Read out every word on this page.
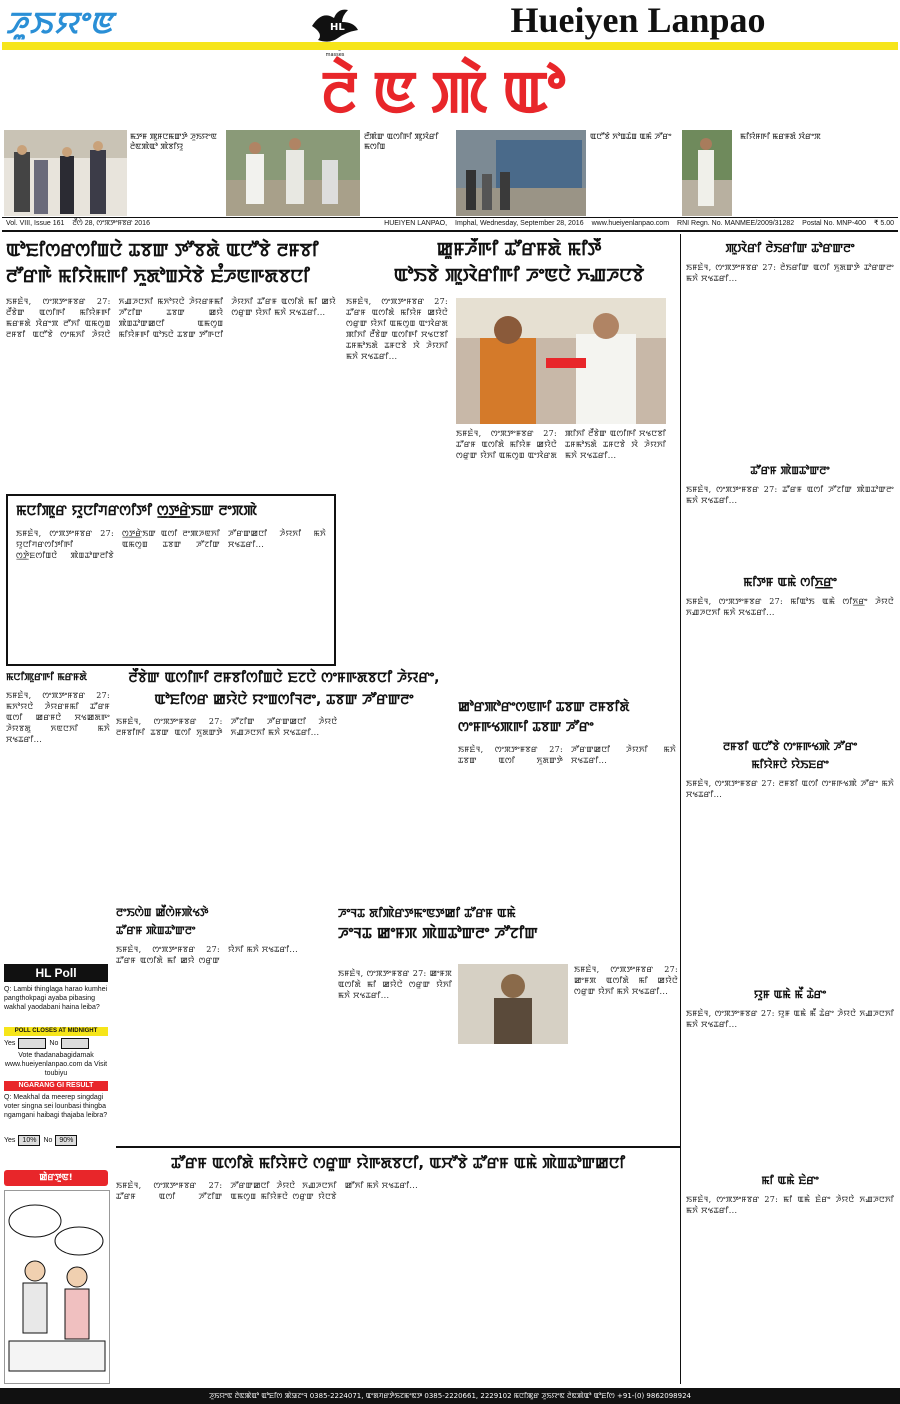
ꯍꯨꯏꯌꯦꯟ	HL
masses
Hueiyen Lanpao
ꯂꯥꯟꯄꯥꯑꯣ
ꯃꯇꯝ ꯄꯨꯝꯅꯃꯛꯇꯥ ꯍꯨꯏꯌꯦꯟ ꯂꯥꯟꯄꯥꯑꯣ ꯄꯥꯕꯤꯌꯨ
ꯂꯩꯄꯥꯛ ꯑꯁꯤꯒꯤ ꯄꯨꯋꯥꯔꯤ ꯃꯁꯤꯡ
ꯑꯅꯧꯕꯥ ꯈꯣꯡꯊꯥꯡ ꯑꯃꯥ ꯍꯧꯔꯦ	ꯃꯤꯌꯥꯝꯒꯤ ꯃꯔꯝꯗꯥ ꯋꯥꯔꯦꯞ
Vol. VIII, Issue 161	ꯂꯩꯁꯥ 28, ꯁꯦꯞꯇꯦꯝꯕꯔ 2016	HUEIYEN LANPAO,	Imphal, Wednesday, September 28, 2016	www.hueiyenlanpao.com	RNI Regn. No. MANMEE/2009/31282	Postal No. MNP-400	₹ 5.00
ꯑꯣꯐꯤꯁꯔꯁꯤꯡꯅꯥ ꯊꯕꯛ ꯇꯧꯕꯗꯥ ꯑꯅꯧꯕꯥ ꯂꯝꯕꯤ ꯂꯧꯔꯒꯥ ꯃꯤꯌꯥꯃꯒꯤ ꯈꯨꯗꯣꯡꯆꯥꯕꯥ ꯐꯪꯍꯟꯒꯗꯕꯅꯤ
ꯏꯝꯐꯥꯜ, ꯁꯦꯞꯇꯦꯝꯕꯔ 27: ꯂꯩꯕꯥꯛ ꯑꯁꯤꯒꯤ ꯃꯤꯌꯥꯝꯒꯤ ꯃꯔꯝꯗꯥ ꯋꯥꯔꯦꯞ ꯂꯧꯈꯤ ꯑꯃꯁꯨꯡ ꯂꯝꯕꯤ ꯑꯅꯧꯕꯥ ꯁꯦꯃꯈꯤ ꯍꯥꯌꯅꯥ ꯈꯉꯍꯅꯈꯤ ꯃꯈꯣꯌꯅꯥ ꯍꯥꯌꯔꯝꯃꯤ ꯍꯧꯖꯤꯛ ꯊꯕꯛ ꯀꯌꯥ ꯄꯥꯡꯊꯣꯛꯀꯅꯤ ꯑꯃꯁꯨꯡ ꯃꯤꯌꯥꯝꯒꯤ ꯑꯣꯏꯅꯥ ꯊꯕꯛ ꯇꯧꯒꯅꯤ ꯍꯥꯌꯈꯤ ꯊꯧꯔꯝ ꯑꯁꯤꯗꯥ ꯃꯤ ꯀꯌꯥ ꯁꯔꯨꯛ ꯌꯥꯈꯤ ꯃꯈꯥ ꯆꯠꯊꯔꯤ...
ꯃꯅꯤꯄꯨꯔ ꯌꯨꯅꯤꯚꯔꯁꯤꯇꯤ ꯁ꯭ꯇ꯭ꯔꯥꯏꯛ ꯂꯦꯞꯄꯥ
ꯏꯝꯐꯥꯜ, ꯁꯦꯞꯇꯦꯝꯕꯔ 27: ꯌꯨꯅꯤꯚꯔꯁꯤꯇꯤꯒꯤ ꯁ꯭ꯇꯥꯐꯁꯤꯡꯅꯥ ꯄꯥꯡꯊꯣꯛꯂꯤꯕꯥ ꯁ꯭ꯇ꯭ꯔꯥꯏꯛ ꯑꯁꯤ ꯂꯦꯄꯍꯟꯈꯤ ꯑꯃꯁꯨꯡ ꯊꯕꯛ ꯍꯧꯖꯤꯛ ꯍꯧꯔꯛꯀꯅꯤ ꯍꯥꯌꯈꯤ ꯃꯈꯥ ꯆꯠꯊꯔꯤ...
ꯀꯨꯝꯍꯩꯒꯤ ꯊꯧꯔꯝꯗꯥ ꯃꯤꯇꯩ
ꯑꯣꯏꯕꯥ ꯄꯨꯋꯥꯔꯤꯒꯤ ꯍꯦꯟꯅꯥ ꯈꯉꯍꯅꯕꯥ
ꯏꯝꯐꯥꯜ, ꯁꯦꯞꯇꯦꯝꯕꯔ 27: ꯊꯧꯔꯝ ꯑꯁꯤꯗꯥ ꯃꯤꯌꯥꯝ ꯀꯌꯥꯅꯥ ꯁꯔꯨꯛ ꯌꯥꯈꯤ ꯑꯃꯁꯨꯡ ꯑꯦꯋꯥꯔꯗ ꯄꯤꯈꯤ ꯂꯩꯕꯥꯛ ꯑꯁꯤꯒꯤ ꯆꯠꯅꯕꯤ ꯊꯝꯃꯣꯏꯗꯥ ꯊꯝꯅꯕꯥ ꯋꯥ ꯍꯥꯌꯈꯤ ꯃꯈꯥ ꯆꯠꯊꯔꯤ...
ꯏꯝꯐꯥꯜ, ꯁꯦꯞꯇꯦꯝꯕꯔ 27: ꯊꯧꯔꯝ ꯑꯁꯤꯗꯥ ꯃꯤꯌꯥꯝ ꯀꯌꯥꯅꯥ ꯁꯔꯨꯛ ꯌꯥꯈꯤ ꯑꯃꯁꯨꯡ ꯑꯦꯋꯥꯔꯗ ꯄꯤꯈꯤ ꯂꯩꯕꯥꯛ ꯑꯁꯤꯒꯤ ꯆꯠꯅꯕꯤ ꯊꯝꯃꯣꯏꯗꯥ ꯊꯝꯅꯕꯥ ꯋꯥ ꯍꯥꯌꯈꯤ ꯃꯈꯥ ꯆꯠꯊꯔꯤ...
ꯃꯅꯤꯄꯨꯔꯒꯤ ꯃꯔꯝꯗꯥ
ꯏꯝꯐꯥꯜ, ꯁꯦꯞꯇꯦꯝꯕꯔ 27: ꯃꯈꯣꯌꯅꯥ ꯍꯥꯌꯔꯝꯃꯤ ꯊꯧꯔꯝ ꯑꯁꯤ ꯀꯔꯝꯅꯥ ꯆꯠꯀꯗꯒꯦ ꯍꯥꯌꯕꯗꯨ ꯈꯟꯅꯈꯤ ꯃꯈꯥ ꯆꯠꯊꯔꯤ...
ꯂꯩꯕꯥꯛ ꯑꯁꯤꯒꯤ ꯂꯝꯕꯤꯁꯤꯡꯅꯥ ꯐꯖꯅꯥ ꯁꯦꯝꯒꯗꯕꯅꯤ ꯍꯥꯌꯔꯦ,
ꯑꯣꯐꯤꯁꯔ ꯀꯌꯥꯅꯥ ꯌꯦꯡꯁꯤꯜꯂꯦ, ꯊꯕꯛ ꯍꯧꯔꯛꯂꯦ
ꯏꯝꯐꯥꯜ, ꯁꯦꯞꯇꯦꯝꯕꯔ 27: ꯂꯝꯕꯤꯒꯤ ꯊꯕꯛ ꯑꯁꯤ ꯈꯨꯗꯛꯇꯥ ꯍꯧꯖꯤꯛ ꯍꯧꯔꯛꯀꯅꯤ ꯍꯥꯌꯅꯥ ꯈꯉꯍꯅꯈꯤ ꯃꯈꯥ ꯆꯠꯊꯔꯤ...
ꯀꯣꯔꯄꯣꯔꯦꯁꯟꯒꯤ ꯊꯕꯛ ꯂꯝꯕꯤꯗꯥ
ꯁꯦꯝꯒꯠꯄꯒꯤ ꯊꯕꯛ ꯍꯧꯔꯦ
ꯏꯝꯐꯥꯜ, ꯁꯦꯞꯇꯦꯝꯕꯔ 27: ꯊꯕꯛ ꯑꯁꯤ ꯈꯨꯗꯛꯇꯥ ꯍꯧꯔꯛꯀꯅꯤ ꯍꯥꯌꯈꯤ ꯃꯈꯥ ꯆꯠꯊꯔꯤ...
ꯂꯦꯏꯁꯥꯡ ꯀꯩꯁꯥꯝꯄꯥꯠꯇꯥ
ꯊꯧꯔꯝ ꯄꯥꯡꯊꯣꯛꯂꯦ
ꯏꯝꯐꯥꯜ, ꯁꯦꯞꯇꯦꯝꯕꯔ 27: ꯊꯧꯔꯝ ꯑꯁꯤꯗꯥ ꯃꯤ ꯀꯌꯥ ꯁꯔꯨꯛ ꯌꯥꯈꯤ ꯃꯈꯥ ꯆꯠꯊꯔꯤ...
ꯍꯦꯜꯊ ꯗꯤꯄꯥꯔꯇꯃꯦꯟꯇꯀꯤ ꯊꯧꯔꯝ ꯑꯃꯥ
ꯍꯦꯜꯊ ꯀꯦꯝꯞ ꯄꯥꯡꯊꯣꯛꯂꯦ ꯍꯧꯖꯤꯛ
ꯏꯝꯐꯥꯜ, ꯁꯦꯞꯇꯦꯝꯕꯔ 27: ꯀꯦꯝꯞ ꯑꯁꯤꯗꯥ ꯃꯤ ꯀꯌꯥꯅꯥ ꯁꯔꯨꯛ ꯌꯥꯈꯤ ꯃꯈꯥ ꯆꯠꯊꯔꯤ...
ꯏꯝꯐꯥꯜ, ꯁꯦꯞꯇꯦꯝꯕꯔ 27: ꯀꯦꯝꯞ ꯑꯁꯤꯗꯥ ꯃꯤ ꯀꯌꯥꯅꯥ ꯁꯔꯨꯛ ꯌꯥꯈꯤ ꯃꯈꯥ ꯆꯠꯊꯔꯤ...
ꯊꯧꯔꯝ ꯑꯁꯤꯗꯥ ꯃꯤꯌꯥꯝꯅꯥ ꯁꯔꯨꯛ ꯌꯥꯒꯗꯕꯅꯤ, ꯑꯆꯧꯕꯥ ꯊꯧꯔꯝ ꯑꯃꯥ ꯄꯥꯡꯊꯣꯛꯀꯅꯤ
ꯏꯝꯐꯥꯜ, ꯁꯦꯞꯇꯦꯝꯕꯔ 27: ꯊꯧꯔꯝ ꯑꯁꯤ ꯍꯧꯖꯤꯛ ꯍꯧꯔꯛꯀꯅꯤ ꯍꯥꯌꯅꯥ ꯈꯉꯍꯅꯈꯤ ꯑꯃꯁꯨꯡ ꯃꯤꯌꯥꯝꯅꯥ ꯁꯔꯨꯛ ꯌꯥꯅꯕꯥ ꯀꯧꯈꯤ ꯃꯈꯥ ꯆꯠꯊꯔꯤ...
ꯄꯨꯋꯥꯔꯤ ꯂꯥꯏꯔꯤꯛ ꯊꯣꯔꯛꯂꯦ
ꯏꯝꯐꯥꯜ, ꯁꯦꯞꯇꯦꯝꯕꯔ 27: ꯂꯥꯏꯔꯤꯛ ꯑꯁꯤ ꯈꯨꯗꯛꯇꯥ ꯊꯣꯔꯛꯂꯦ ꯃꯈꯥ ꯆꯠꯊꯔꯤ...
ꯊꯧꯔꯝ ꯄꯥꯡꯊꯣꯛꯂꯦ
ꯏꯝꯐꯥꯜ, ꯁꯦꯞꯇꯦꯝꯕꯔ 27: ꯊꯧꯔꯝ ꯑꯁꯤ ꯍꯧꯖꯤꯛ ꯄꯥꯡꯊꯣꯛꯂꯦ ꯃꯈꯥ ꯆꯠꯊꯔꯤ...
ꯃꯤꯇꯝ ꯑꯃꯥ ꯁꯤꯈ꯭ꯔꯦ
ꯏꯝꯐꯥꯜ, ꯁꯦꯞꯇꯦꯝꯕꯔ 27: ꯃꯤꯑꯣꯏ ꯑꯃꯥ ꯁꯤꯈ꯭ꯔꯦ ꯍꯥꯌꯅꯥ ꯈꯉꯍꯅꯈꯤ ꯃꯈꯥ ꯆꯠꯊꯔꯤ...
ꯂꯝꯕꯤ ꯑꯅꯧꯕꯥ ꯁꯦꯝꯒꯠꯄꯥ ꯍꯧꯔꯦ
ꯃꯤꯌꯥꯝꯅꯥ ꯌꯥꯏꯐꯔꯦ
ꯏꯝꯐꯥꯜ, ꯁꯦꯞꯇꯦꯝꯕꯔ 27: ꯂꯝꯕꯤ ꯑꯁꯤ ꯁꯦꯝꯒꯠꯄꯥ ꯍꯧꯔꯦ ꯃꯈꯥ ꯆꯠꯊꯔꯤ...
ꯌꯨꯝ ꯑꯃꯥ ꯃꯩ ꯊꯥꯔꯦ
ꯏꯝꯐꯥꯜ, ꯁꯦꯞꯇꯦꯝꯕꯔ 27: ꯌꯨꯝ ꯑꯃꯥ ꯃꯩ ꯊꯥꯔꯦ ꯍꯥꯌꯅꯥ ꯈꯉꯍꯅꯈꯤ ꯃꯈꯥ ꯆꯠꯊꯔꯤ...
ꯃꯤ ꯑꯃꯥ ꯐꯥꯔꯦ
ꯏꯝꯐꯥꯜ, ꯁꯦꯞꯇꯦꯝꯕꯔ 27: ꯃꯤ ꯑꯃꯥ ꯐꯥꯔꯦ ꯍꯥꯌꯅꯥ ꯈꯉꯍꯅꯈꯤ ꯃꯈꯥ ꯆꯠꯊꯔꯤ...
HL Poll
Q: Lambi thinglaga harao kumhei pangthokpagi ayaba pibasing wakhal yaodabani haina leiba?
POLL CLOSES AT MIDNIGHT
Yes	No
Vote thadanabagidamak www.hueiyenlanpao.com da Visit toubiyu
NGARANG GI RESULT
Q: Meakhal da meerep singdagi voter singna sei lounbasi thingba ngamgani haibagi thajaba leibra?
Yes	10%	No	90%
ꯀꯥꯔꯇꯨꯟ!
ꯍꯨꯏꯌꯦꯟ ꯂꯥꯟꯄꯥꯑꯣ ꯑꯣꯐꯤꯁ ꯄꯥꯎꯖꯦꯜ 0385-2224071, ꯑꯦꯗꯚꯔꯇꯥꯏꯖꯃꯦꯟꯇ 0385-2220661, 2229102 ꯃꯅꯤꯄꯨꯔ ꯍꯨꯏꯌꯦꯟ ꯂꯥꯟꯄꯥꯑꯣ ꯑꯣꯐꯤꯁ +91-(0) 9862098924
